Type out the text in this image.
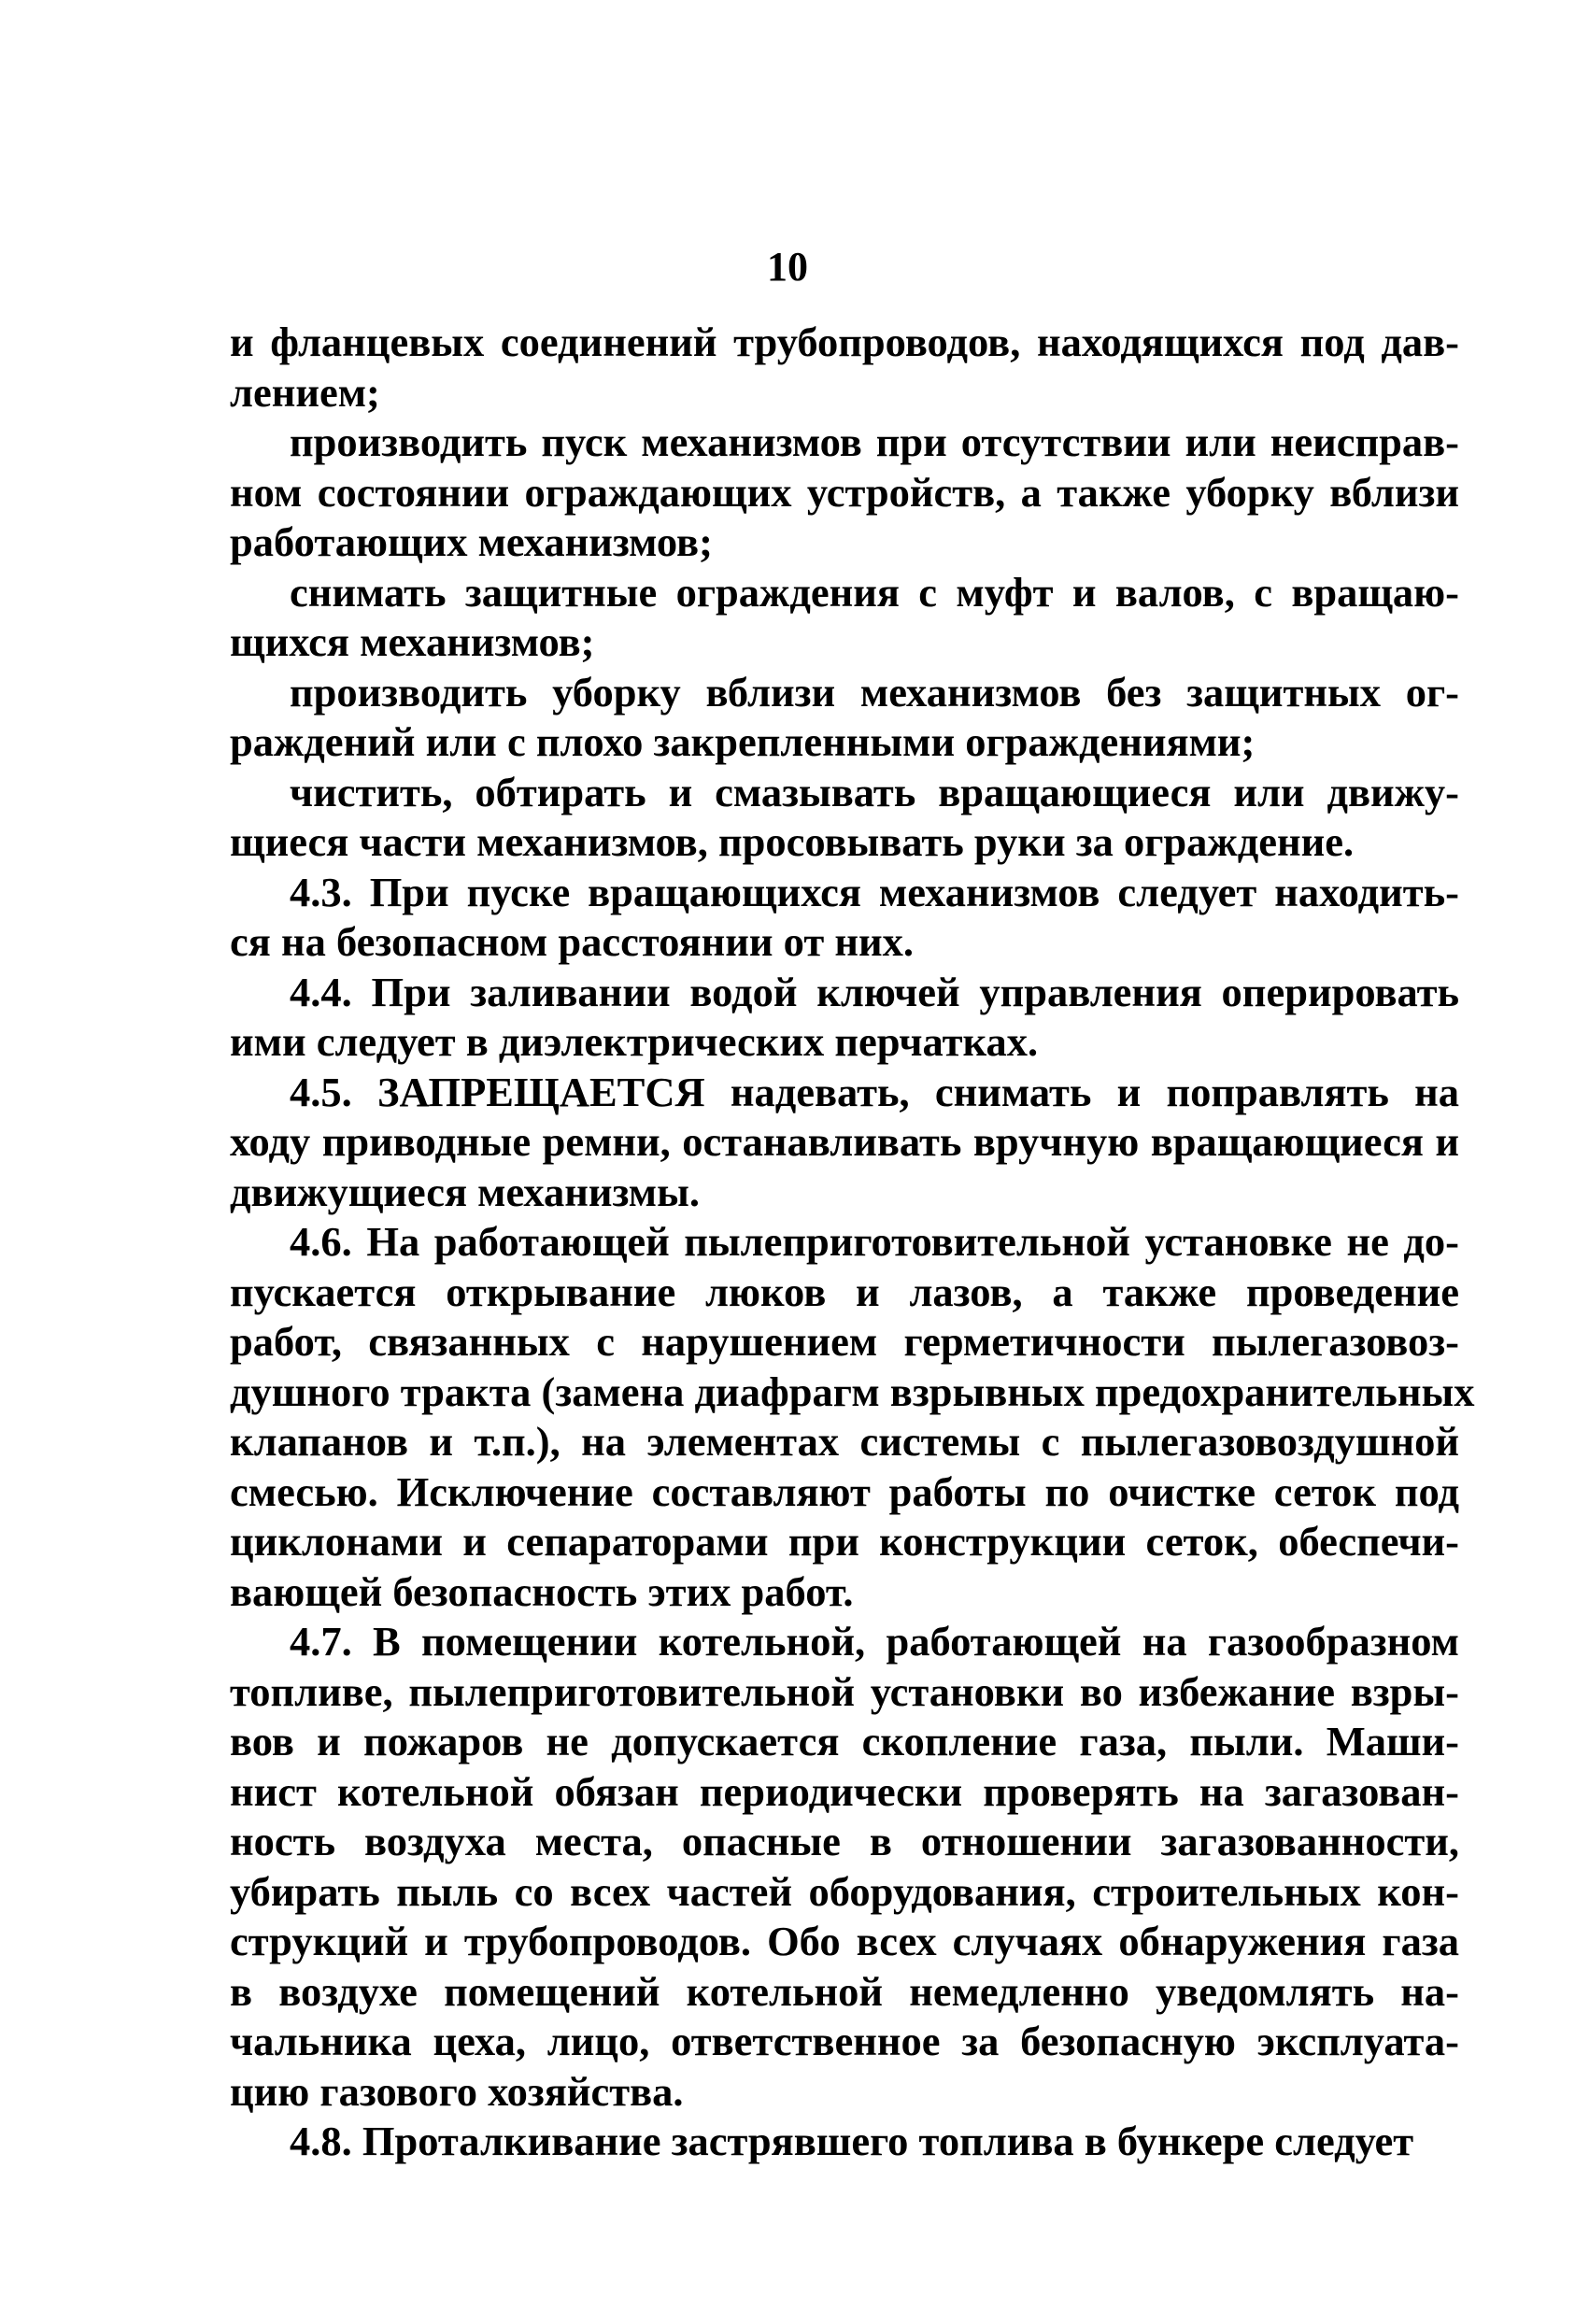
10
и фланцевых соединений трубопроводов, находящихся под дав-
лением;
производить пуск механизмов при отсутствии или неисправ-
ном состоянии ограждающих устройств, а также уборку вблизи
работающих механизмов;
снимать защитные ограждения с муфт и валов, с вращаю-
щихся механизмов;
производить уборку вблизи механизмов без защитных ог-
раждений или с плохо закрепленными ограждениями;
чистить, обтирать и смазывать вращающиеся или движу-
щиеся части механизмов, просовывать руки за ограждение.
4.3. При пуске вращающихся механизмов следует находить-
ся на безопасном расстоянии от них.
4.4. При заливании водой ключей управления оперировать
ими следует в диэлектрических перчатках.
4.5. ЗАПРЕЩАЕТСЯ надевать, снимать и поправлять на
ходу приводные ремни, останавливать вручную вращающиеся и
движущиеся механизмы.
4.6. На работающей пылеприготовительной установке не до-
пускается открывание люков и лазов, а также проведение
работ, связанных с нарушением герметичности пылегазовоз-
душного тракта (замена диафрагм взрывных предохранительных
клапанов и т.п.), на элементах системы с пылегазовоздушной
смесью. Исключение составляют работы по очистке сеток под
циклонами и сепараторами при конструкции сеток, обеспечи-
вающей безопасность этих работ.
4.7. В помещении котельной, работающей на газообразном
топливе, пылеприготовительной установки во избежание взры-
вов и пожаров не допускается скопление газа, пыли. Маши-
нист котельной обязан периодически проверять на загазован-
ность воздуха места, опасные в отношении загазованности,
убирать пыль со всех частей оборудования, строительных кон-
струкций и трубопроводов. Обо всех случаях обнаружения газа
в воздухе помещений котельной немедленно уведомлять на-
чальника цеха, лицо, ответственное за безопасную эксплуата-
цию газового хозяйства.
4.8. Проталкивание застрявшего топлива в бункере следует
